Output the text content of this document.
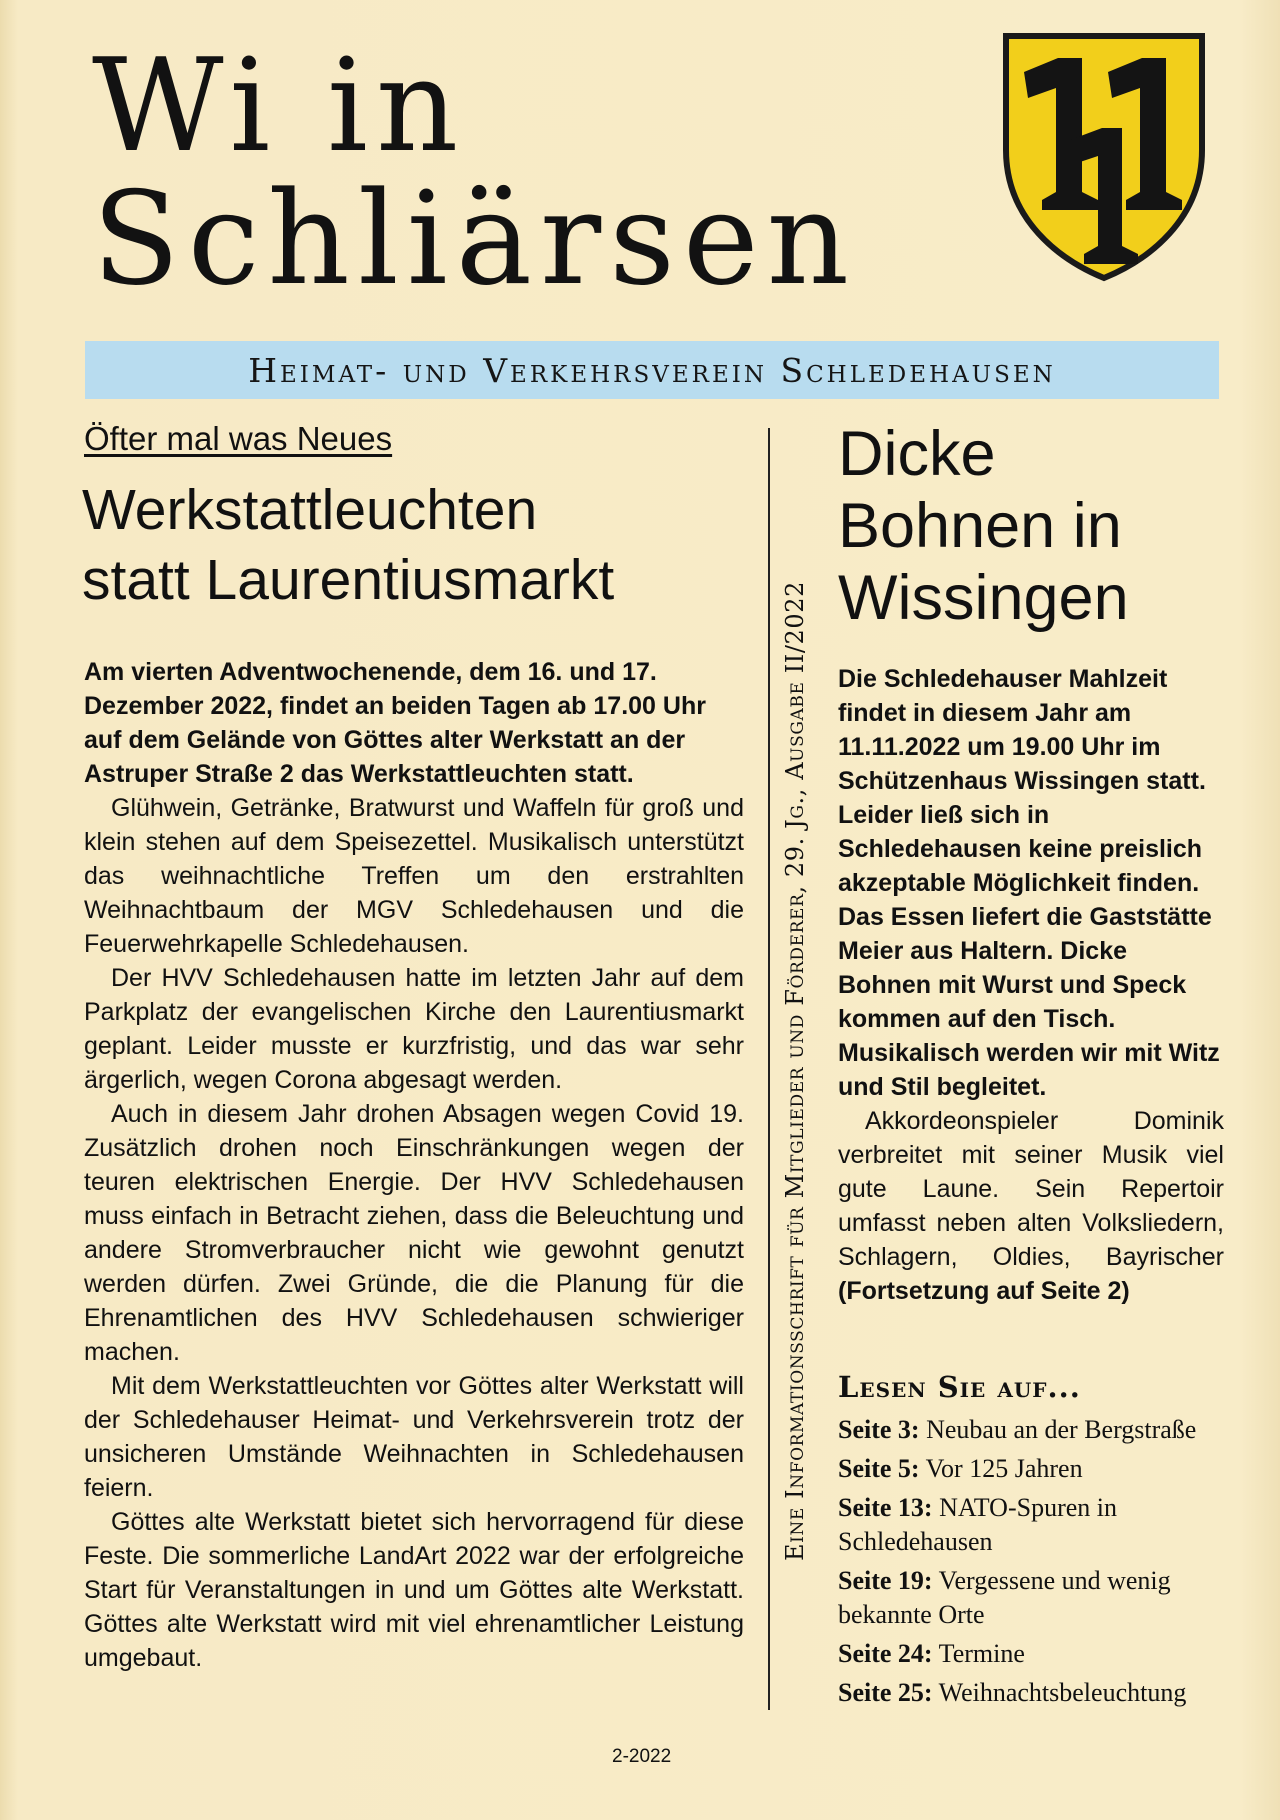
Wi in
Schliärsen
Heimat- und Verkehrsverein Schledehausen
Öfter mal was Neues
Werkstattleuchten
statt Laurentiusmarkt

Am vierten Adventwochenende, dem 16. und 17. Dezember 2022, findet an beiden Tagen ab 17.00 Uhr auf dem Gelände von Göttes alter Werkstatt an der Astruper Straße 2 das Werkstattleuchten statt.

Glühwein, Getränke, Bratwurst und Waffeln für groß und klein stehen auf dem Speisezettel. Musikalisch unterstützt das weihnachtliche Treffen um den erstrahlten Weihnachtbaum der MGV Schledehausen und die Feuerwehrkapelle Schledehausen.

Der HVV Schledehausen hatte im letzten Jahr auf dem Parkplatz der evangelischen Kirche den Laurentiusmarkt geplant. Leider musste er kurzfristig, und das war sehr ärgerlich, wegen Corona abgesagt werden.

Auch in diesem Jahr drohen Absagen wegen Covid 19. Zusätzlich drohen noch Einschränkungen wegen der teuren elektrischen Energie. Der HVV Schledehausen muss einfach in Betracht ziehen, dass die Beleuchtung und andere Stromverbraucher nicht wie gewohnt genutzt werden dürfen. Zwei Gründe, die die Planung für die Ehrenamtlichen des HVV Schledehausen schwieriger machen.

Mit dem Werkstattleuchten vor Göttes alter Werkstatt will der Schledehauser Heimat- und Verkehrsverein trotz der unsicheren Umstände Weihnachten in Schledehausen feiern.

Göttes alte Werkstatt bietet sich hervorragend für diese Feste. Die sommerliche LandArt 2022 war der erfolgreiche Start für Veranstaltungen in und um Göttes alte Werkstatt. Göttes alte Werkstatt wird mit viel ehrenamtlicher Leistung umgebaut.

Eine Informationsschrift für Mitglieder und Förderer, 29. Jg., Ausgabe II/2022
Dicke
Bohnen in
Wissingen

Die Schledehauser Mahlzeit findet in diesem Jahr am 11.11.2022 um 19.00 Uhr im Schützenhaus Wissingen statt. Leider ließ sich in Schledehausen keine preislich akzeptable Möglichkeit finden. Das Essen liefert die Gaststätte Meier aus Haltern. Dicke Bohnen mit Wurst und Speck kommen auf den Tisch. Musikalisch werden wir mit Witz und Stil begleitet.

Akkordeonspieler Dominik verbreitet mit seiner Musik viel gute Laune. Sein Repertoir umfasst neben alten Volksliedern, Schlagern, Oldies, Bayrischer (Fortsetzung auf Seite 2)

Lesen Sie auf...
Seite 3: Neubau an der Bergstraße
Seite 5: Vor 125 Jahren
Seite 13: NATO-Spuren in Schledehausen
Seite 19: Vergessene und wenig bekannte Orte
Seite 24: Termine
Seite 25: Weihnachtsbeleuchtung
2-2022
